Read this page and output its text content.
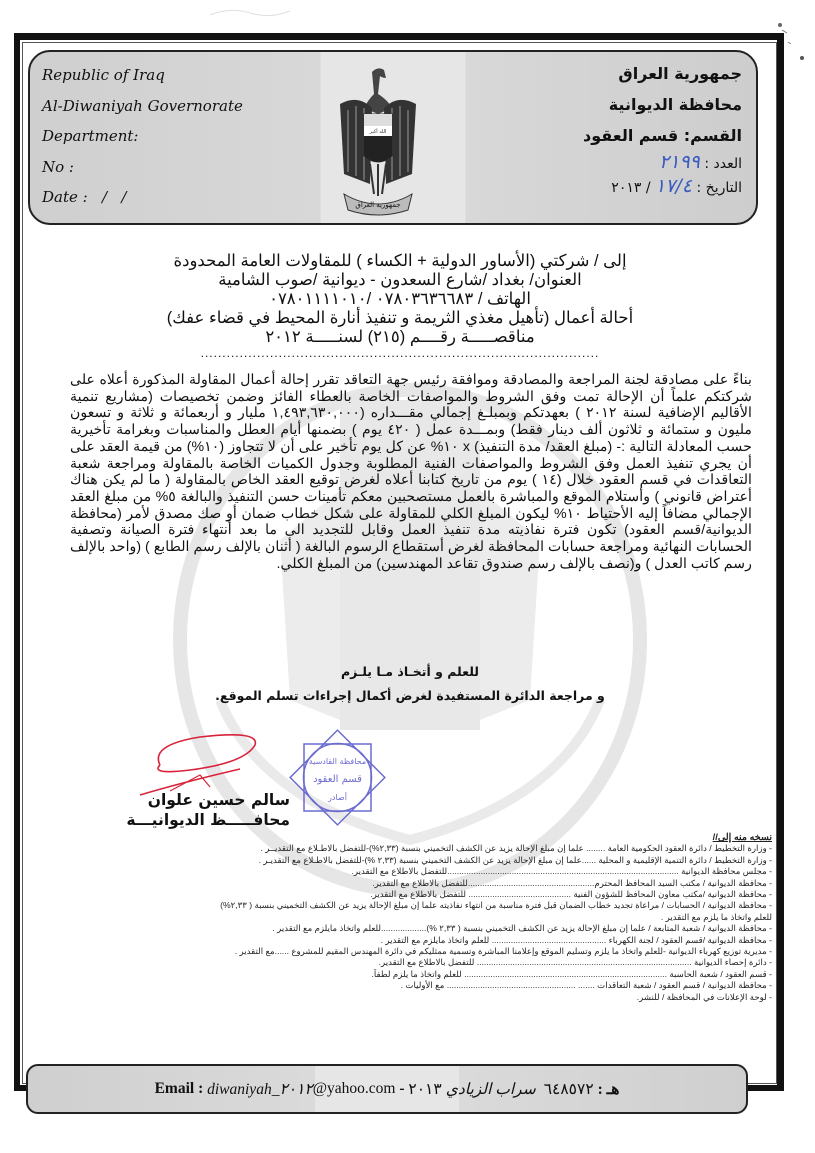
Republic of Iraq
Al-Diwaniyah Governorate
Department:
No :
Date :   /   /
الله أكبر
جمهورية العراق
جمهورية العراق
محافظة الديوانية
القسم: قسم العقود
العدد : ٢١٩٩
التاريخ : ١٧/٤ / ٢٠١٣
إلى / شركتي (الأساور الدولية + الكساء ) للمقاولات العامة المحدودة
العنوان/ بغداد /شارع السعدون - ديوانية /صوب الشامية
الهاتف / ٠٧٨٠٣٦٣٦٦٨٣ /٠٧٨٠١١١١٠١٠
أحالة أعمال (تأهيل مغذي الثريمة و تنفيذ أنارة المحيط في قضاء عفك)
مناقصـــــة رقــــم (٢١٥) لسنـــــة ٢٠١٢
............................................................................................
بناءً على مصادقة لجنة المراجعة والمصادقة وموافقة رئيس جهة التعاقد تقرر إحالة أعمال المقاولة المذكورة أعلاه على شركتكم علماً أن الإحالة تمت وفق الشروط والمواصفات الخاصة بالعطاء الفائز وضمن تخصيصات (مشاريع تنمية الأقاليم الإضافية لسنة ٢٠١٢ ) بعهدتكم وبمبلـغ إجمالي مقـــداره (١,٤٩٣,٦٣٠,٠٠٠ مليار و أربعمائة و ثلاثة و تسعون مليون و ستمائة و ثلاثون ألف دينار فقط) وبمـــدة عمل ( ٤٢٠ يوم ) بضمنها أيام العطل والمناسبات وبغرامة تأخيرية حسب المعادلة التالية :- (مبلغ العقد/ مدة التنفيذ) x ١٠% عن كل يوم تأخير على أن لا تتجاوز (١٠%) من قيمة العقد على أن يجري تنفيذ العمل وفق الشروط والمواصفات الفنية المطلوبة وجدول الكميات الخاصة بالمقاولة ومراجعة شعبة التعاقدات في قسم العقود خلال (١٤ ) يوم من تاريخ كتابنا أعلاه لغرض توقيع العقد الخاص بالمقاولة ( ما لم يكن هناك أعتراض قانوني ) وأستلام الموقع والمباشرة بالعمل مستصحبين معكم تأمينات حسن التنفيذ والبالغة ٥% من مبلغ العقد الإجمالي مضافاً إليه الأحتياط ١٠% ليكون المبلغ الكلي للمقاولة على شكل خطاب ضمان أو صك مصدق لأمر (محافظة الديوانية/قسم العقود) تكون فترة نفاذيته مدة تنفيذ العمل وقابل للتجديد الى ما بعد أنتهاء فترة الصيانة وتصفية الحسابات النهائية ومراجعة حسابات المحافظة لغرض أستقطاع الرسوم البالغة ( أثنان بالإلف رسم الطابع ) (واحد بالإلف رسم كاتب العدل ) و(نصف بالإلف رسم صندوق تقاعد المهندسين) من المبلغ الكلي.
للعلم و أتخـاذ مـا يلـزم
و مراجعة الدائرة المستفيدة لغرض أكمال إجراءات تسلم الموقع.
سالم حسين علوان
محافـــــظ الديوانيـــة
محافظة القادسية
قسم العقود
أصادر
نسخه منه إلى//
- وزارة التخطيط / دائرة العقود الحكومية العامة ........ علما إن مبلغ الإحالة يزيد عن الكشف التخميني بنسبة (٢,٣٣%)-للتفضل بالاطـلاع مع التقديــر .
- وزارة التخطيط / دائرة التنمية الإقليمية و المحلية ......علما إن مبلغ الإحالة يزيد عن الكشف التخميني بنسبة (٢,٣٣ %)-للتفضل بالاطـلاع مع التقديـر .
- مجلس محافظة الديوانية .................................................................................................للتفضل بالاطلاع مع التقدير.
- محافظة الديوانية / مكتب السيد المحافظ المحترم.....................................................للتفضل بالاطلاع مع التقدير.
- محافظة الديوانية /مكتب معاون المحافظ للشؤون الفنية ........................................... للتفضل بالاطلاع مع التقدير.
- محافظة الديوانية / الحسابات / مراعاة تجديد خطاب الضمان قبل فترة مناسبة من انتهاء نفاذيته علما إن مبلغ الإحالة يزيد عن الكشف التخميني بنسبة ( ٢,٣٣%)
للعلم واتخاذ ما يلزم مع التقدير .
- محافظة الديوانية / شعبة المتابعة / علما إن مبلغ الإحالة يزيد عن الكشف التخميني بنسبة ( ٢,٣٣ %)...................للعلم واتخاذ مايلزم مع التقدير .
- محافظة الديوانية /قسم العقود / لجنة الكهرباء ................................................ للعلم واتخاذ مايلزم مع التقدير .
- مديرية توزيع كهرباء الديوانية -للعلم واتخاذ ما يلزم وتسليم الموقع وإعلامنا المباشرة وتسمية ممثليكم في دائرة المهندس المقيم للمشروع ......مع التقدير .
- دائرة إحصاء الديوانية .......................................................................................... للتفضل بالاطلاع مع التقدير.
- قسم العقود / شعبة الحاسبة ..................................................................................... للعلم واتخاذ ما يلزم لطفاً.
- محافظة الديوانية / قسم العقود / شعبة التعاقدات ....... ...................................................... مع الأوليات .
- لوحة الإعلانات في المحافظة / للنشر.
Email :
diwaniyah_٢٠١٢ @yahoo.com - ٢٠١٣ سراب الزيادي ٦٤٨٥٧٢ هـ :
